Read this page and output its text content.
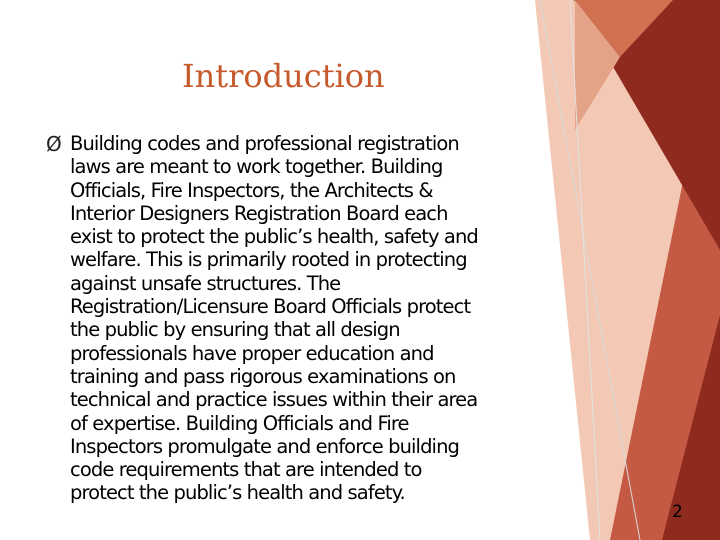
Introduction
Ø Building codes and professional registration
laws are meant to work together. Building
Officials, Fire Inspectors, the Architects &
Interior Designers Registration Board each
exist to protect the public’s health, safety and
welfare. This is primarily rooted in protecting
against unsafe structures. The
Registration/Licensure Board Officials protect
the public by ensuring that all design
professionals have proper education and
training and pass rigorous examinations on
technical and practice issues within their area
of expertise. Building Officials and Fire
Inspectors promulgate and enforce building
code requirements that are intended to
protect the public’s health and safety.
2
